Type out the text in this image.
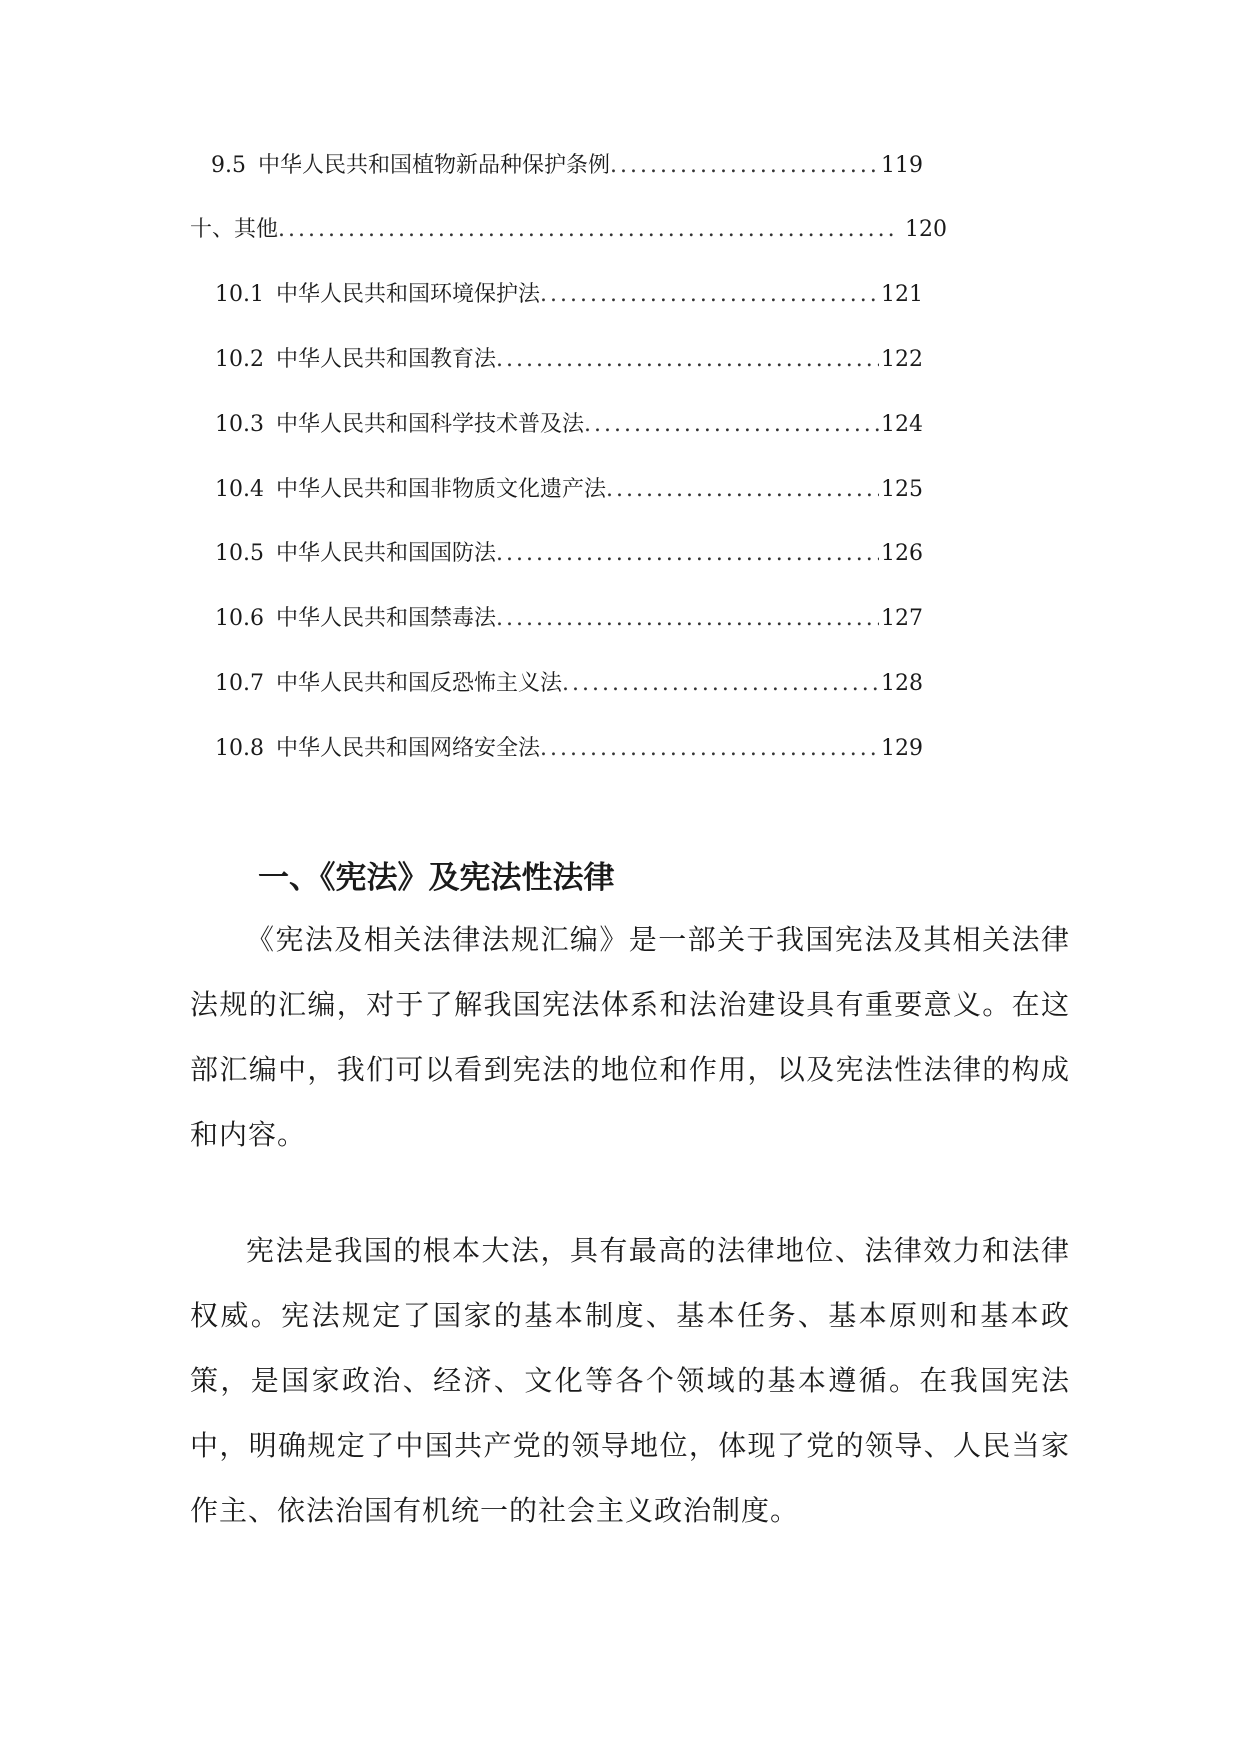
9.5 中华人民共和国植物新品种保护条例 .....	119
十、 其他 .....	120
10.1 中华人民共和国环境保护法 .....	121
10.2 中华人民共和国教育法 .....	122
10.3 中华人民共和国科学技术普及法 .....	124
10.4 中华人民共和国非物质文化遗产法 .....	125
10.5 中华人民共和国国防法 .....	126
10.6 中华人民共和国禁毒法 .....	127
10.7 中华人民共和国反恐怖主义法 .....	128
10.8 中华人民共和国网络安全法 .....	129
一、《宪法》及宪法性法律

《宪法及相关法律法规汇编》是一部关于我国宪法及其相关法律法规的汇编，对于了解我国宪法体系和法治建设具有重要意义。在这部汇编中，我们可以看到宪法的地位和作用，以及宪法性法律的构成和内容。

宪法是我国的根本大法，具有最高的法律地位、法律效力和法律权威。宪法规定了国家的基本制度、基本任务、基本原则和基本政策，是国家政治、经济、文化等各个领域的基本遵循。在我国宪法中，明确规定了中国共产党的领导地位，体现了党的领导、人民当家作主、依法治国有机统一的社会主义政治制度。
